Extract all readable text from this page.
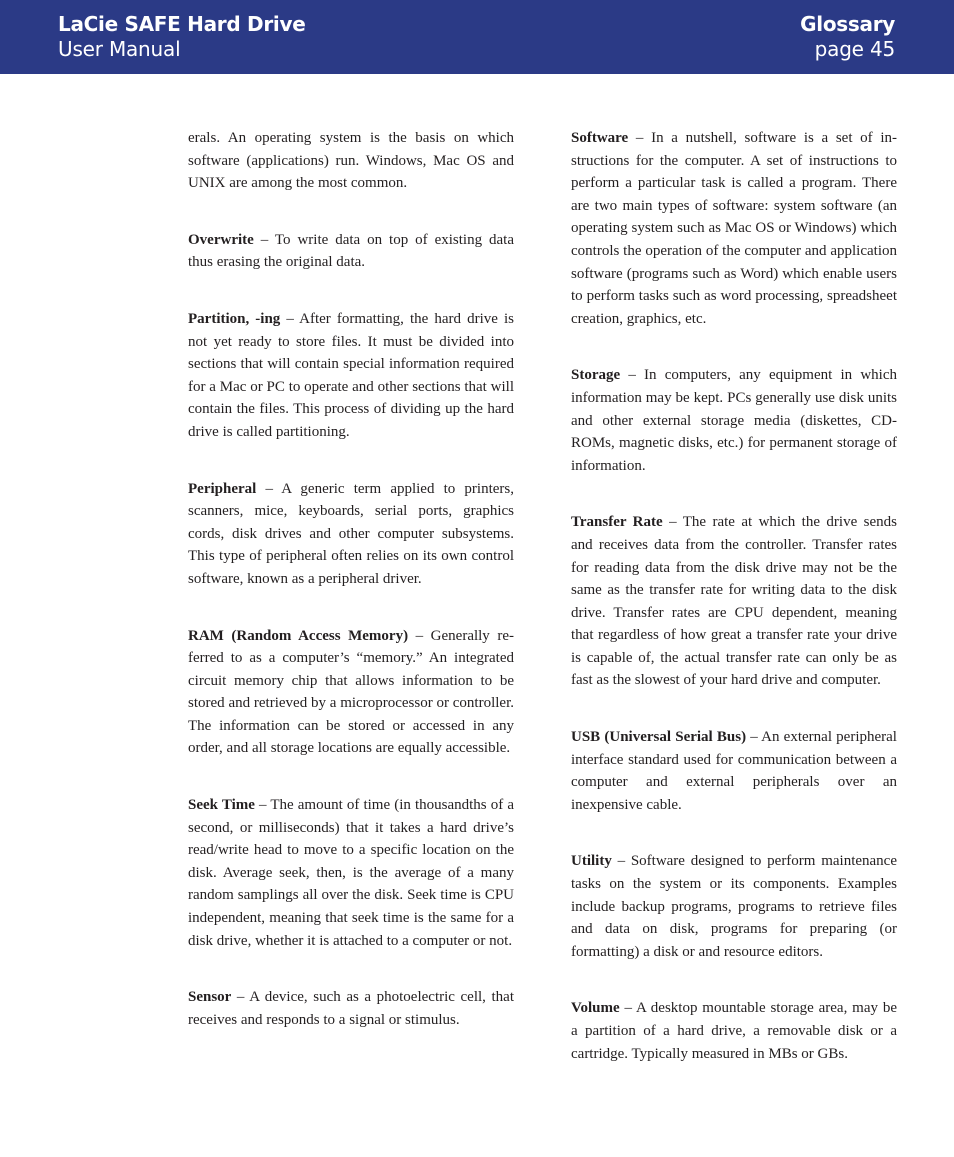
LaCie SAFE Hard Drive
User Manual
Glossary
page 45

erals. An operating system is the basis on which software (applications) run. Windows, Mac OS and UNIX are among the most common.

Overwrite – To write data on top of existing data thus erasing the original data.

Partition, -ing – After formatting, the hard drive is not yet ready to store files. It must be divided into sections that will contain special information required for a Mac or PC to operate and other sections that will contain the files. This process of dividing up the hard drive is called partitioning.

Peripheral – A generic term applied to printers, scanners, mice, keyboards, serial ports, graphics cords, disk drives and other computer subsystems. This type of peripheral often relies on its own control software, known as a peripheral driver.

RAM (Random Access Memory) – Generally referred to as a computer’s “memory.” An integrated circuit memory chip that allows information to be stored and retrieved by a microprocessor or controller. The information can be stored or accessed in any order, and all storage locations are equally accessible.

Seek Time – The amount of time (in thousandths of a second, or milliseconds) that it takes a hard drive’s read/write head to move to a specific location on the disk. Average seek, then, is the average of a many random samplings all over the disk. Seek time is CPU independent, meaning that seek time is the same for a disk drive, whether it is attached to a computer or not.

Sensor – A device, such as a photoelectric cell, that receives and responds to a signal or stimulus.

Software – In a nutshell, software is a set of instructions for the computer. A set of instructions to perform a particular task is called a program. There are two main types of software: system software (an operating system such as Mac OS or Windows) which controls the operation of the computer and application software (programs such as Word) which enable users to perform tasks such as word processing, spreadsheet creation, graphics, etc.

Storage – In computers, any equipment in which information may be kept. PCs generally use disk units and other external storage media (diskettes, CD-ROMs, magnetic disks, etc.) for permanent storage of information.

Transfer Rate – The rate at which the drive sends and receives data from the controller. Transfer rates for reading data from the disk drive may not be the same as the transfer rate for writing data to the disk drive. Transfer rates are CPU dependent, meaning that regardless of how great a transfer rate your drive is capable of, the actual transfer rate can only be as fast as the slowest of your hard drive and computer.

USB (Universal Serial Bus) – An external peripheral interface standard used for communication between a computer and external peripherals over an inexpensive cable.

Utility – Software designed to perform maintenance tasks on the system or its components. Examples include backup programs, programs to retrieve files and data on disk, programs for preparing (or formatting) a disk or and resource editors.

Volume – A desktop mountable storage area, may be a partition of a hard drive, a removable disk or a cartridge. Typically measured in MBs or GBs.
